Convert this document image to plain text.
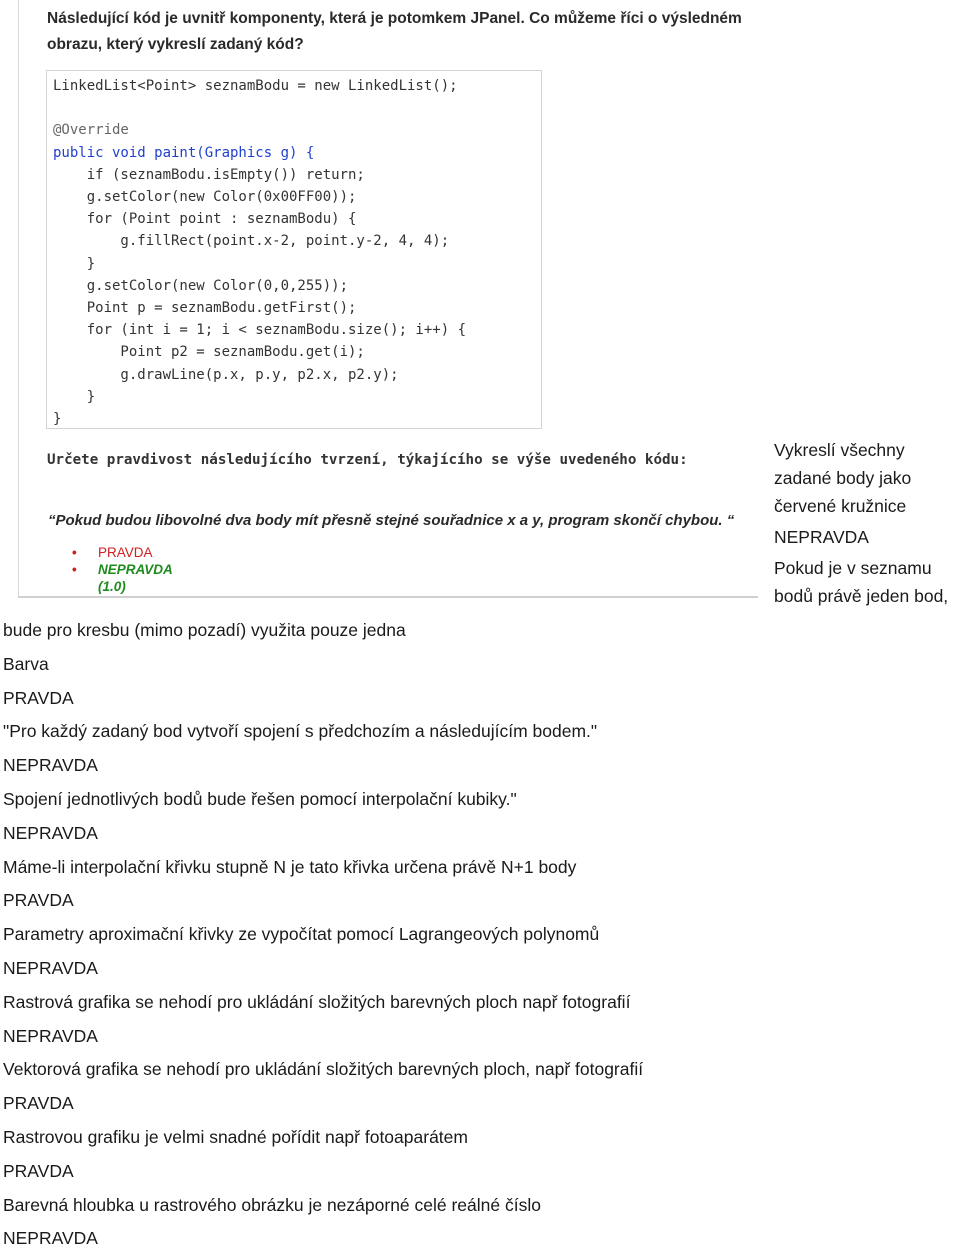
Následující kód je uvnitř komponenty, která je potomkem JPanel. Co můžeme říci o výsledném obrazu, který vykreslí zadaný kód?

LinkedList<Point> seznamBodu = new LinkedList();

@Override
public void paint(Graphics g) {
if (seznamBodu.isEmpty()) return;
g.setColor(new Color(0x00FF00));
for (Point point : seznamBodu) {
g.fillRect(point.x-2, point.y-2, 4, 4);
}
g.setColor(new Color(0,0,255));
Point p = seznamBodu.getFirst();
for (int i = 1; i < seznamBodu.size(); i++) {
Point p2 = seznamBodu.get(i);
g.drawLine(p.x, p.y, p2.x, p2.y);
}
}

Určete pravdivost následujícího tvrzení, týkajícího se výše uvedeného kódu:

“Pokud budou libovolné dva body mít přesně stejné souřadnice x a y, program skončí chybou. “

• PRAVDA
• NEPRAVDA
(1.0)
Vykreslí všechny zadané body jako červené kružnice
NEPRAVDA
Pokud je v seznamu bodů právě jeden bod,
bude pro kresbu (mimo pozadí) využita pouze jedna
Barva
PRAVDA
"Pro každý zadaný bod vytvoří spojení s předchozím a následujícím bodem."
NEPRAVDA
Spojení jednotlivých bodů bude řešen pomocí interpolační kubiky."
NEPRAVDA
Máme-li interpolační křivku stupně N je tato křivka určena právě N+1 body
PRAVDA
Parametry aproximační křivky ze vypočítat pomocí Lagrangeových polynomů
NEPRAVDA
Rastrová grafika se nehodí pro ukládání složitých barevných ploch např fotografií
NEPRAVDA
Vektorová grafika se nehodí pro ukládání složitých barevných ploch, např fotografií
PRAVDA
Rastrovou grafiku je velmi snadné pořídit např fotoaparátem
PRAVDA
Barevná hloubka u rastrového obrázku je nezáporné celé reálné číslo
NEPRAVDA
